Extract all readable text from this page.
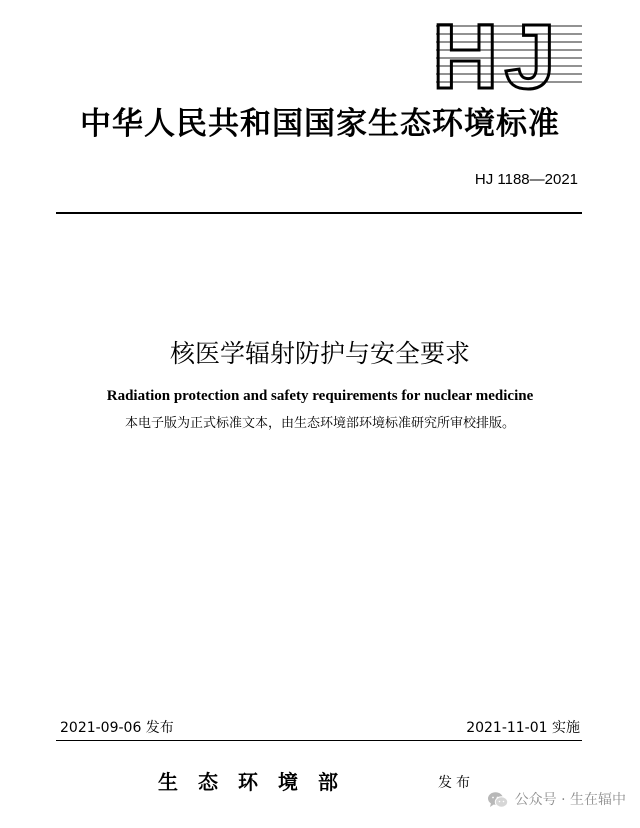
HJ
中华人民共和国国家生态环境标准
HJ 1188—2021
核医学辐射防护与安全要求
Radiation protection and safety requirements for nuclear medicine
本电子版为正式标准文本，由生态环境部环境标准研究所审校排版。
2021-09-06 发布	2021-11-01 实施
生态环境部	发布
公众号 · 生在辐中
